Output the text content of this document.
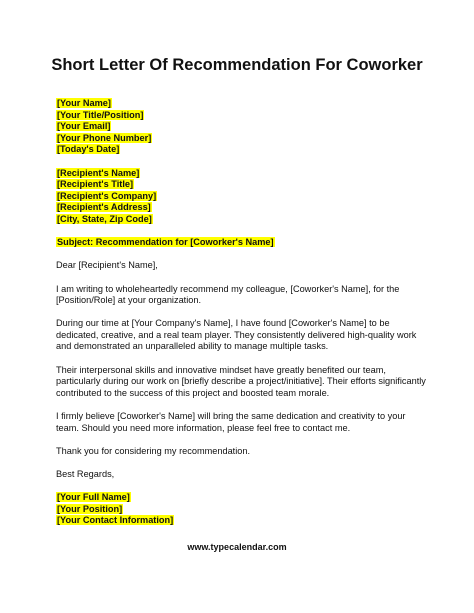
Short Letter Of Recommendation For Coworker
[Your Name]
[Your Title/Position]
[Your Email]
[Your Phone Number]
[Today's Date]
[Recipient's Name]
[Recipient's Title]
[Recipient's Company]
[Recipient's Address]
[City, State, Zip Code]
Subject: Recommendation for [Coworker's Name]

Dear [Recipient's Name],

I am writing to wholeheartedly recommend my colleague, [Coworker's Name], for the [Position/Role] at your organization.

During our time at [Your Company's Name], I have found [Coworker's Name] to be dedicated, creative, and a real team player. They consistently delivered high-quality work and demonstrated an unparalleled ability to manage multiple tasks.

Their interpersonal skills and innovative mindset have greatly benefited our team, particularly during our work on [briefly describe a project/initiative]. Their efforts significantly contributed to the success of this project and boosted team morale.

I firmly believe [Coworker's Name] will bring the same dedication and creativity to your team. Should you need more information, please feel free to contact me.

Thank you for considering my recommendation.

Best Regards,

[Your Full Name]
[Your Position]
[Your Contact Information]
www.typecalendar.com
